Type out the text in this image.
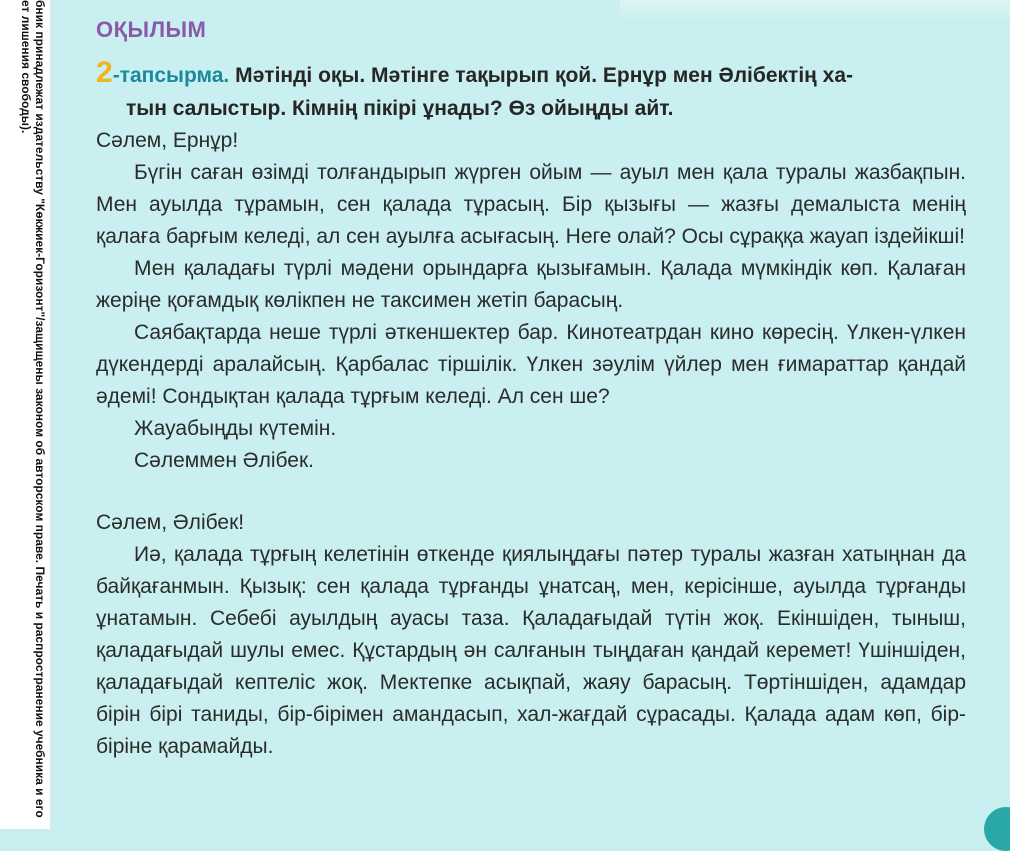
бник принадлежат издательству "Көкжиек-Горизонт"/защищены законом об авторском праве. Печать и распространение учебника и его
ет лишения свободы).	ОҚЫЛЫМ
2-тапсырма. Мәтінді оқы. Мәтінге тақырып қой. Ернұр мен Әлібектің ха-
тын салыстыр. Кімнің пікірі ұнады? Өз ойыңды айт.

Сәлем, Ернұр!

Бүгін саған өзімді толғандырып жүрген ойым — ауыл мен қала туралы жазбақпын. Мен ауылда тұрамын, сен қалада тұрасың. Бір қызығы — жазғы демалыста менің қалаға барғым келеді, ал сен ауылға асығасың. Неге олай? Осы сұраққа жауап іздейікші!

Мен қаладағы түрлі мәдени орындарға қызығамын. Қалада мүмкіндік көп. Қалаған жеріңе қоғамдық көлікпен не таксимен жетіп барасың.

Саябақтарда неше түрлі әткеншектер бар. Кинотеатрдан кино көресің. Үлкен-үлкен дүкендерді аралайсың. Қарбалас тіршілік. Үлкен зәулім үйлер мен ғимараттар қандай әдемі! Сондықтан қалада тұрғым келеді. Ал сен ше?

Жауабыңды күтемін.

Сәлеммен Әлібек.

Сәлем, Әлібек!

Иә, қалада тұрғың келетінін өткенде қиялыңдағы пәтер туралы жазған хатыңнан да байқағанмын. Қызық: сен қалада тұрғанды ұнатсаң, мен, керісінше, ауылда тұрғанды ұнатамын. Себебі ауылдың ауасы таза. Қаладағыдай түтін жоқ. Екіншіден, тыныш, қаладағыдай шулы емес. Құстардың ән салғанын тыңдаған қандай керемет! Үшіншіден, қаладағыдай кептеліс жоқ. Мектепке асықпай, жаяу барасың. Төртіншіден, адамдар бірін бірі таниды, бір-бірімен амандасып, хал-жағдай сұрасады. Қалада адам көп, бір-біріне қарамайды.
